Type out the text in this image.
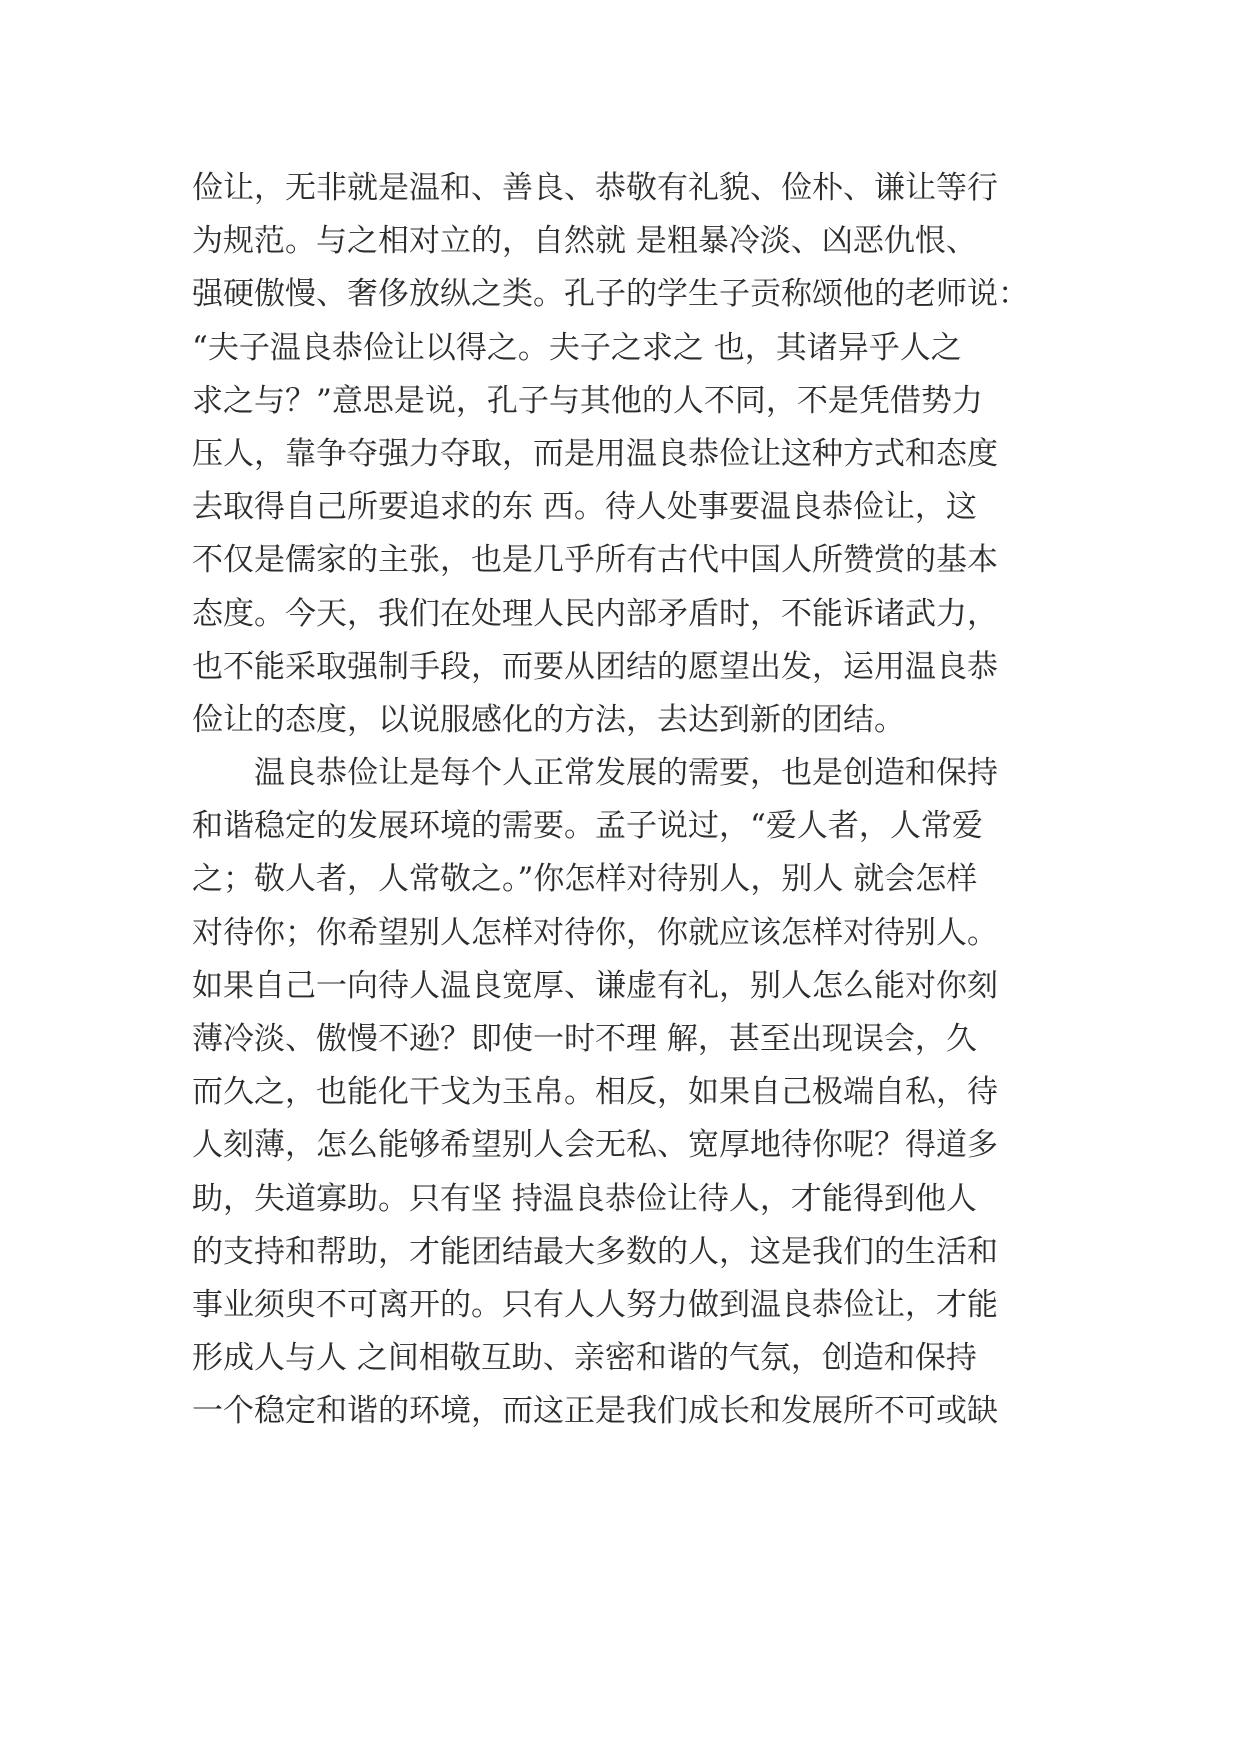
俭让，无非就是温和、善良、恭敬有礼貌、俭朴、谦让等行
为规范。与之相对立的，自然就 是粗暴冷淡、凶恶仇恨、
强硬傲慢、奢侈放纵之类。孔子的学生子贡称颂他的老师说：
“夫子温良恭俭让以得之。夫子之求之 也，其诸异乎人之
求之与？”意思是说，孔子与其他的人不同，不是凭借势力
压人，靠争夺强力夺取，而是用温良恭俭让这种方式和态度
去取得自己所要追求的东 西。待人处事要温良恭俭让，这
不仅是儒家的主张，也是几乎所有古代中国人所赞赏的基本
态度。今天，我们在处理人民内部矛盾时，不能诉诸武力，
也不能采取强制手段，而要从团结的愿望出发，运用温良恭
俭让的态度，以说服感化的方法，去达到新的团结。
　　温良恭俭让是每个人正常发展的需要，也是创造和保持
和谐稳定的发展环境的需要。孟子说过，“爱人者，人常爱
之；敬人者，人常敬之。”你怎样对待别人，别人 就会怎样
对待你；你希望别人怎样对待你，你就应该怎样对待别人。
如果自己一向待人温良宽厚、谦虚有礼，别人怎么能对你刻
薄冷淡、傲慢不逊？即使一时不理 解，甚至出现误会，久
而久之，也能化干戈为玉帛。相反，如果自己极端自私，待
人刻薄，怎么能够希望别人会无私、宽厚地待你呢？得道多
助，失道寡助。只有坚 持温良恭俭让待人，才能得到他人
的支持和帮助，才能团结最大多数的人，这是我们的生活和
事业须臾不可离开的。只有人人努力做到温良恭俭让，才能
形成人与人 之间相敬互助、亲密和谐的气氛，创造和保持
一个稳定和谐的环境，而这正是我们成长和发展所不可或缺
